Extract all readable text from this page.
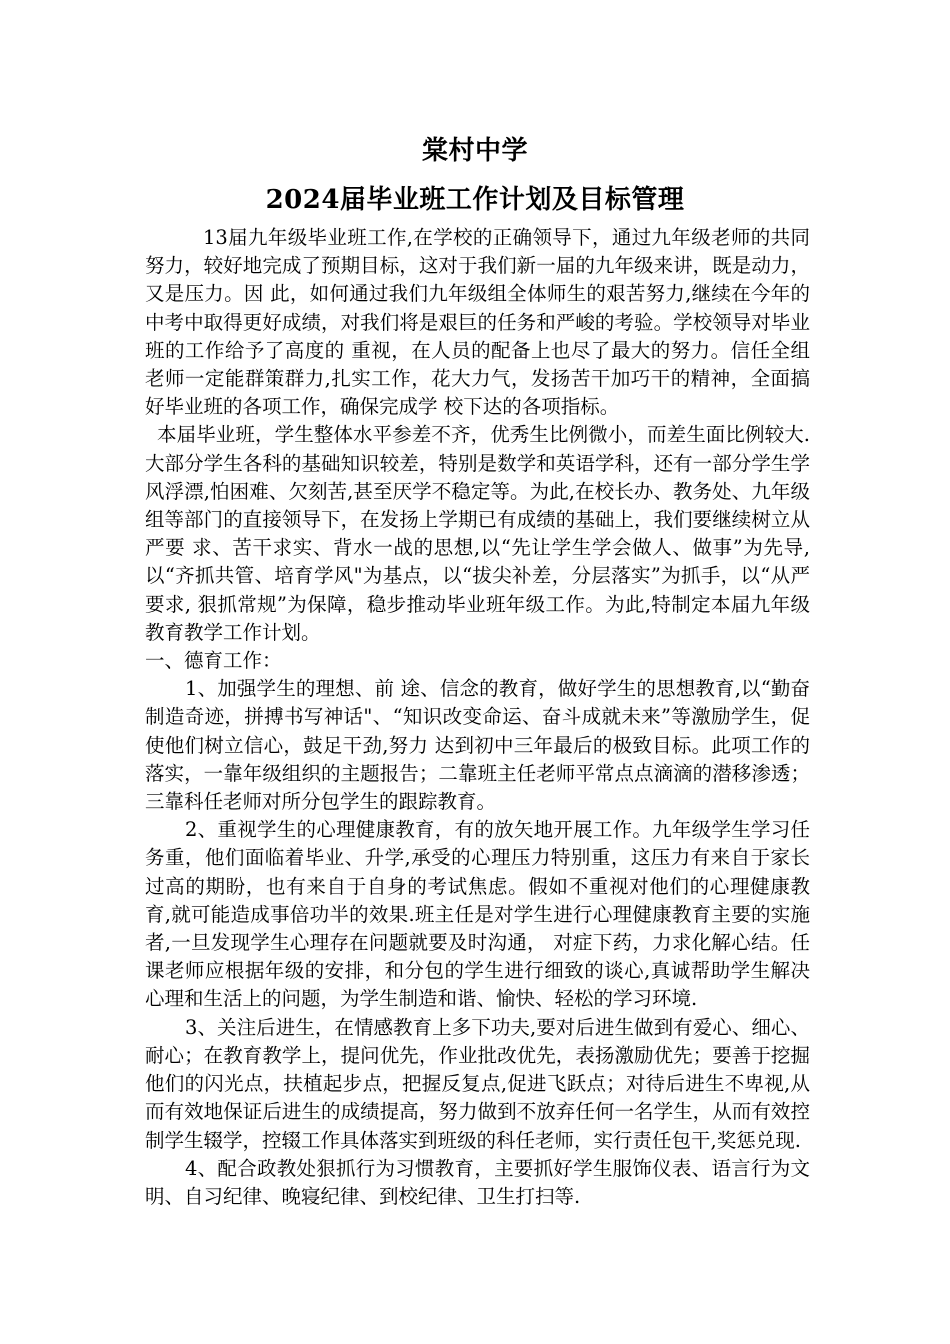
棠村中学
2024届毕业班工作计划及目标管理

13届九年级毕业班工作,在学校的正确领导下，通过九年级老师的共同努力，较好地完成了预期目标，这对于我们新一届的九年级来讲，既是动力，又是压力。因 此，如何通过我们九年级组全体师生的艰苦努力,继续在今年的中考中取得更好成绩，对我们将是艰巨的任务和严峻的考验。学校领导对毕业班的工作给予了高度的 重视，在人员的配备上也尽了最大的努力。信任全组老师一定能群策群力,扎实工作，花大力气，发扬苦干加巧干的精神，全面搞好毕业班的各项工作，确保完成学 校下达的各项指标。

本届毕业班，学生整体水平参差不齐，优秀生比例微小，而差生面比例较大.大部分学生各科的基础知识较差，特别是数学和英语学科，还有一部分学生学 风浮漂,怕困难、欠刻苦,甚至厌学不稳定等。为此,在校长办、教务处、九年级组等部门的直接领导下，在发扬上学期已有成绩的基础上，我们要继续树立从严要 求、苦干求实、背水一战的思想,以“先让学生学会做人、做事”为先导,以“齐抓共管、培育学风"为基点，以“拔尖补差，分层落实”为抓手，以“从严要求, 狠抓常规”为保障，稳步推动毕业班年级工作。为此,特制定本届九年级教育教学工作计划。

一、德育工作：

1、加强学生的理想、前 途、信念的教育，做好学生的思想教育,以“勤奋制造奇迹，拼搏书写神话"、“知识改变命运、奋斗成就未来”等激励学生，促使他们树立信心，鼓足干劲,努力 达到初中三年最后的极致目标。此项工作的落实，一靠年级组织的主题报告；二靠班主任老师平常点点滴滴的潜移渗透；三靠科任老师对所分包学生的跟踪教育。

2、重视学生的心理健康教育，有的放矢地开展工作。九年级学生学习任务重，他们面临着毕业、升学,承受的心理压力特别重，这压力有来自于家长过高的期盼，也有来自于自身的考试焦虑。假如不重视对他们的心理健康教育,就可能造成事倍功半的效果.班主任是对学生进行心理健康教育主要的实施者,一旦发现学生心理存在问题就要及时沟通， 对症下药，力求化解心结。任课老师应根据年级的安排，和分包的学生进行细致的谈心,真诚帮助学生解决心理和生活上的问题，为学生制造和谐、愉快、轻松的学习环境.

3、关注后进生，在情感教育上多下功夫,要对后进生做到有爱心、细心、耐心；在教育教学上，提问优先，作业批改优先，表扬激励优先；要善于挖掘他们的闪光点，扶植起步点，把握反复点,促进飞跃点；对待后进生不卑视,从而有效地保证后进生的成绩提高，努力做到不放弃任何一名学生，从而有效控制学生辍学，控辍工作具体落实到班级的科任老师，实行责任包干,奖惩兑现.

4、配合政教处狠抓行为习惯教育，主要抓好学生服饰仪表、语言行为文明、自习纪律、晚寝纪律、到校纪律、卫生打扫等.
